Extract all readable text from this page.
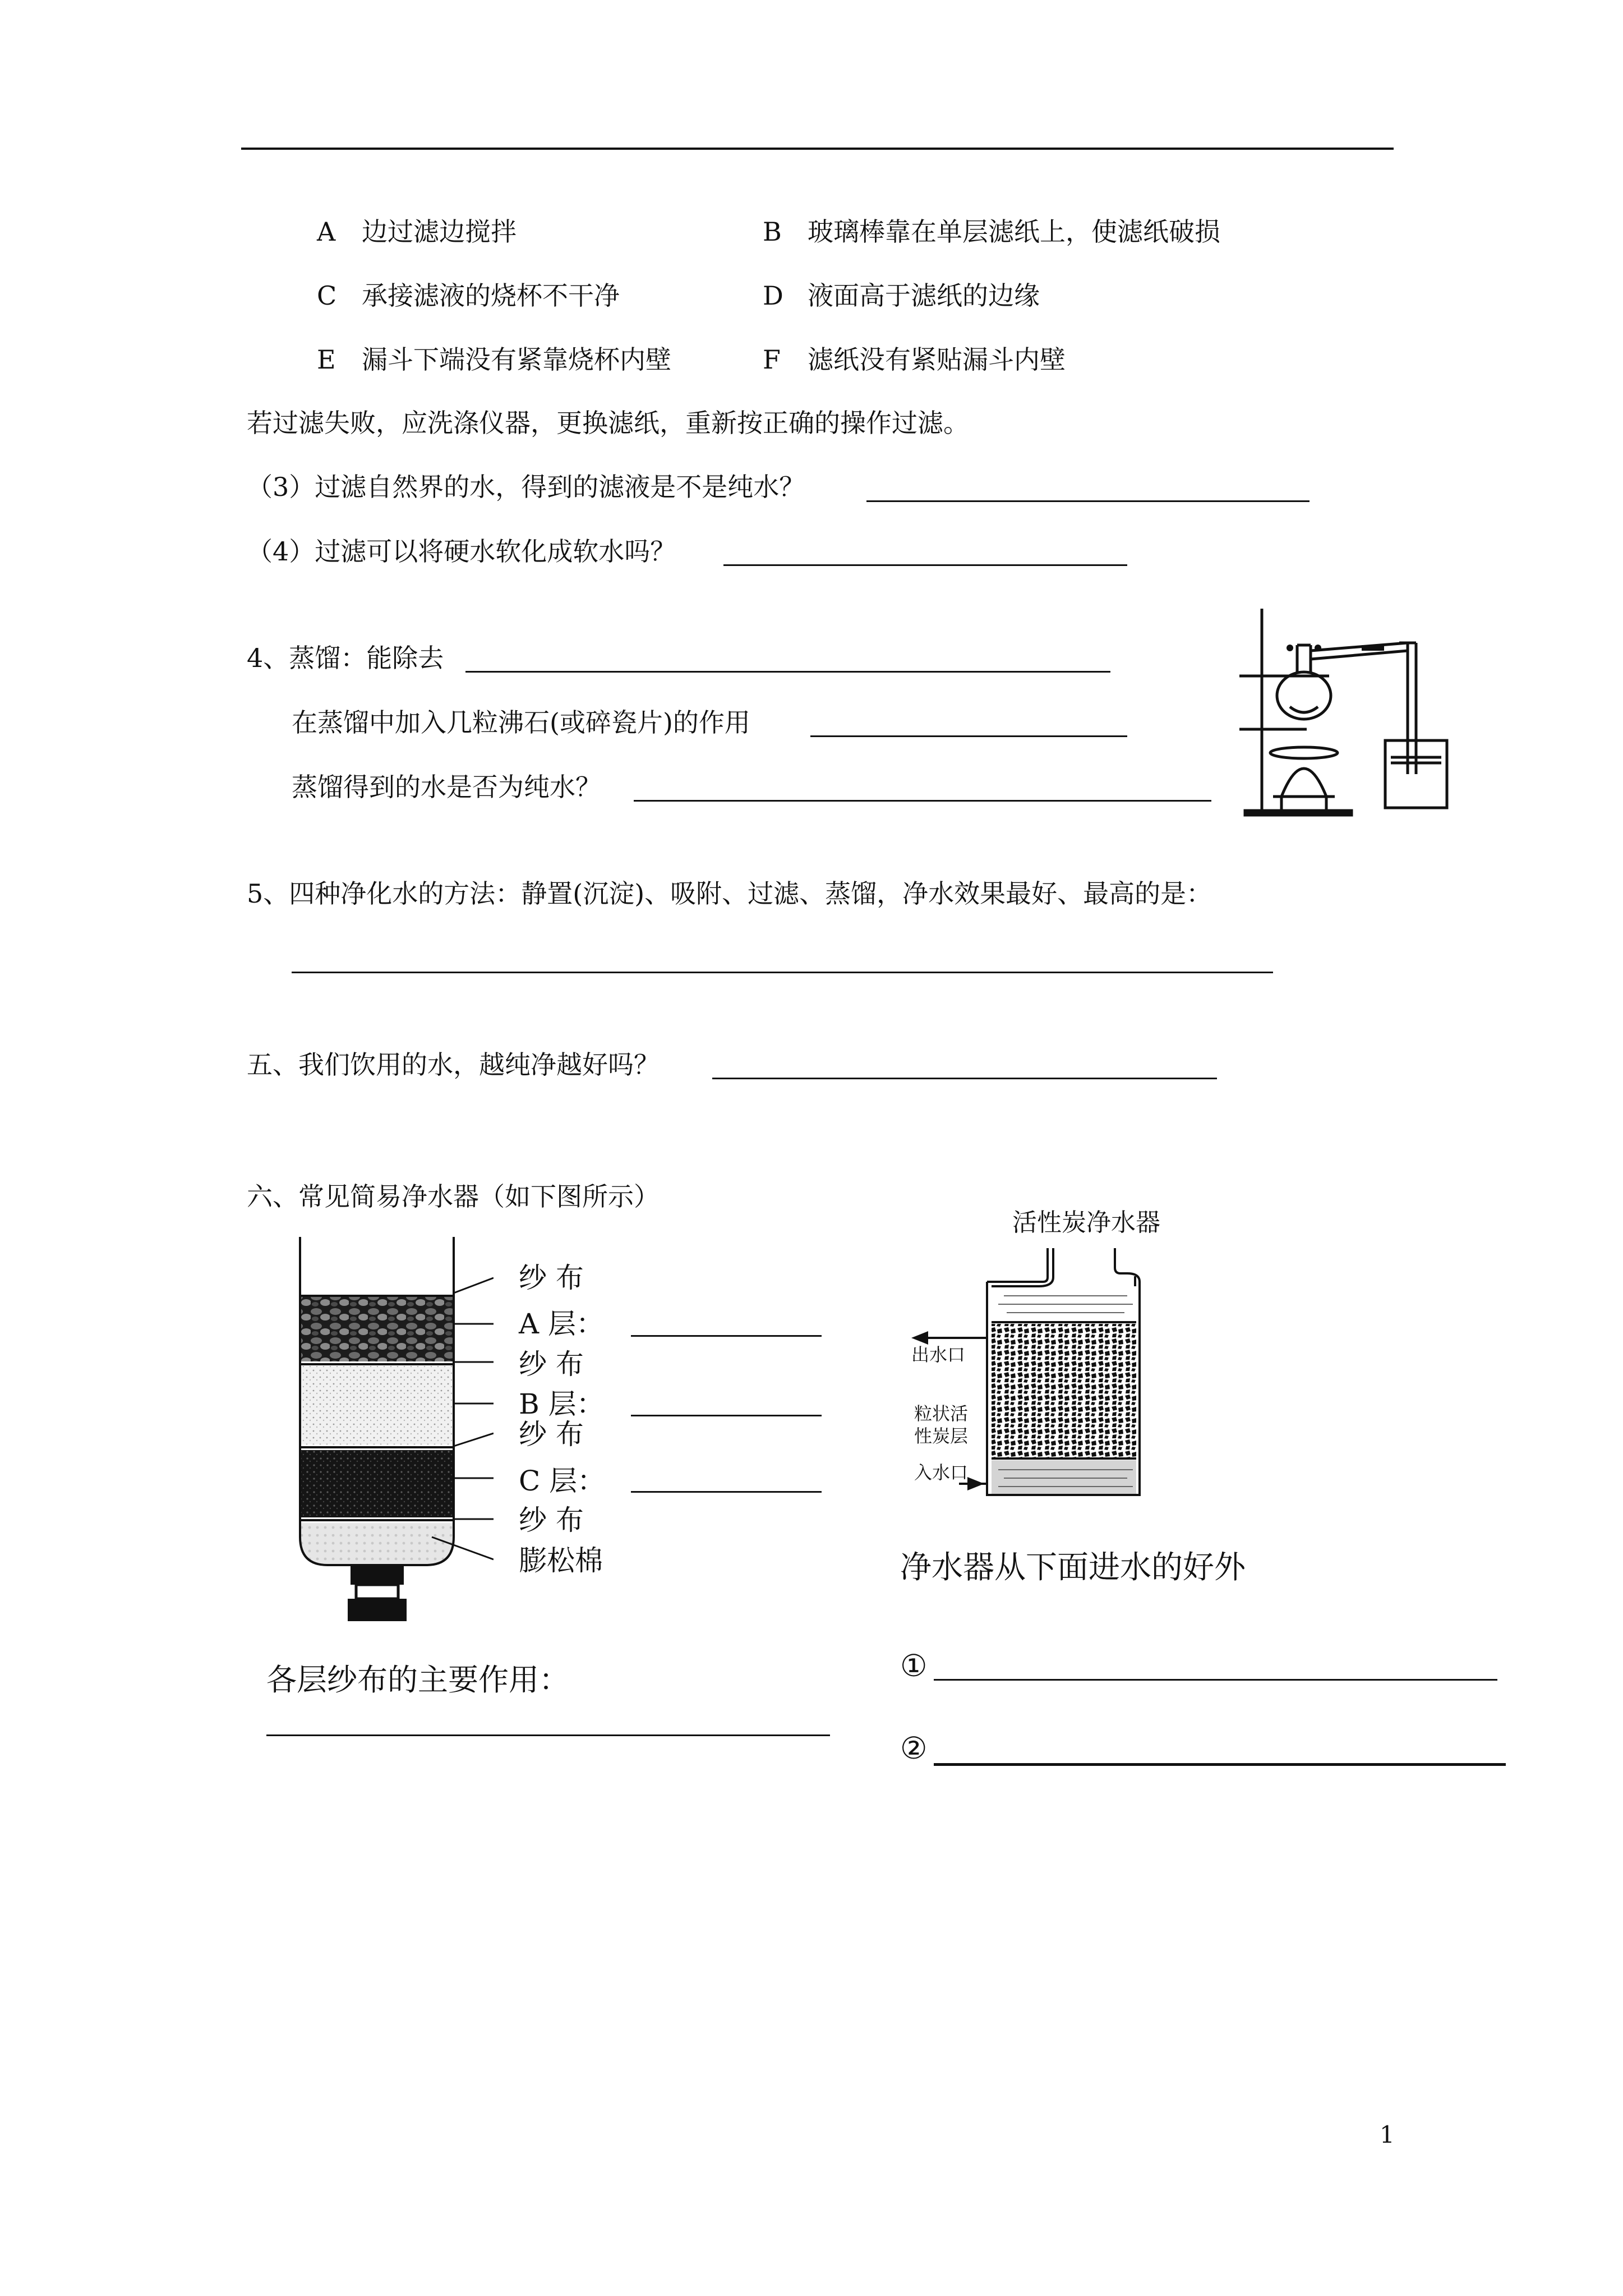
A 边过滤边搅拌	B 玻璃棒靠在单层滤纸上，使滤纸破损
C 承接滤液的烧杯不干净	D 液面高于滤纸的边缘
E 漏斗下端没有紧靠烧杯内壁	F 滤纸没有紧贴漏斗内壁
若过滤失败，应洗涤仪器，更换滤纸，重新按正确的操作过滤。
（3）过滤自然界的水，得到的滤液是不是纯水？
（4）过滤可以将硬水软化成软水吗？
4、蒸馏：能除去
在蒸馏中加入几粒沸石(或碎瓷片)的作用
蒸馏得到的水是否为纯水？
5、四种净化水的方法：静置(沉淀)、吸附、过滤、蒸馏，净水效果最好、最高的是：
五、我们饮用的水，越纯净越好吗？
六、常见简易净水器（如下图所示）
纱 布
A 层：
纱 布
B 层：
纱 布
C 层：
纱 布
膨松棉
各层纱布的主要作用：
活性炭净水器
出水口
粒状活
性炭层
入水口
净水器从下面进水的好外
①
②
1
